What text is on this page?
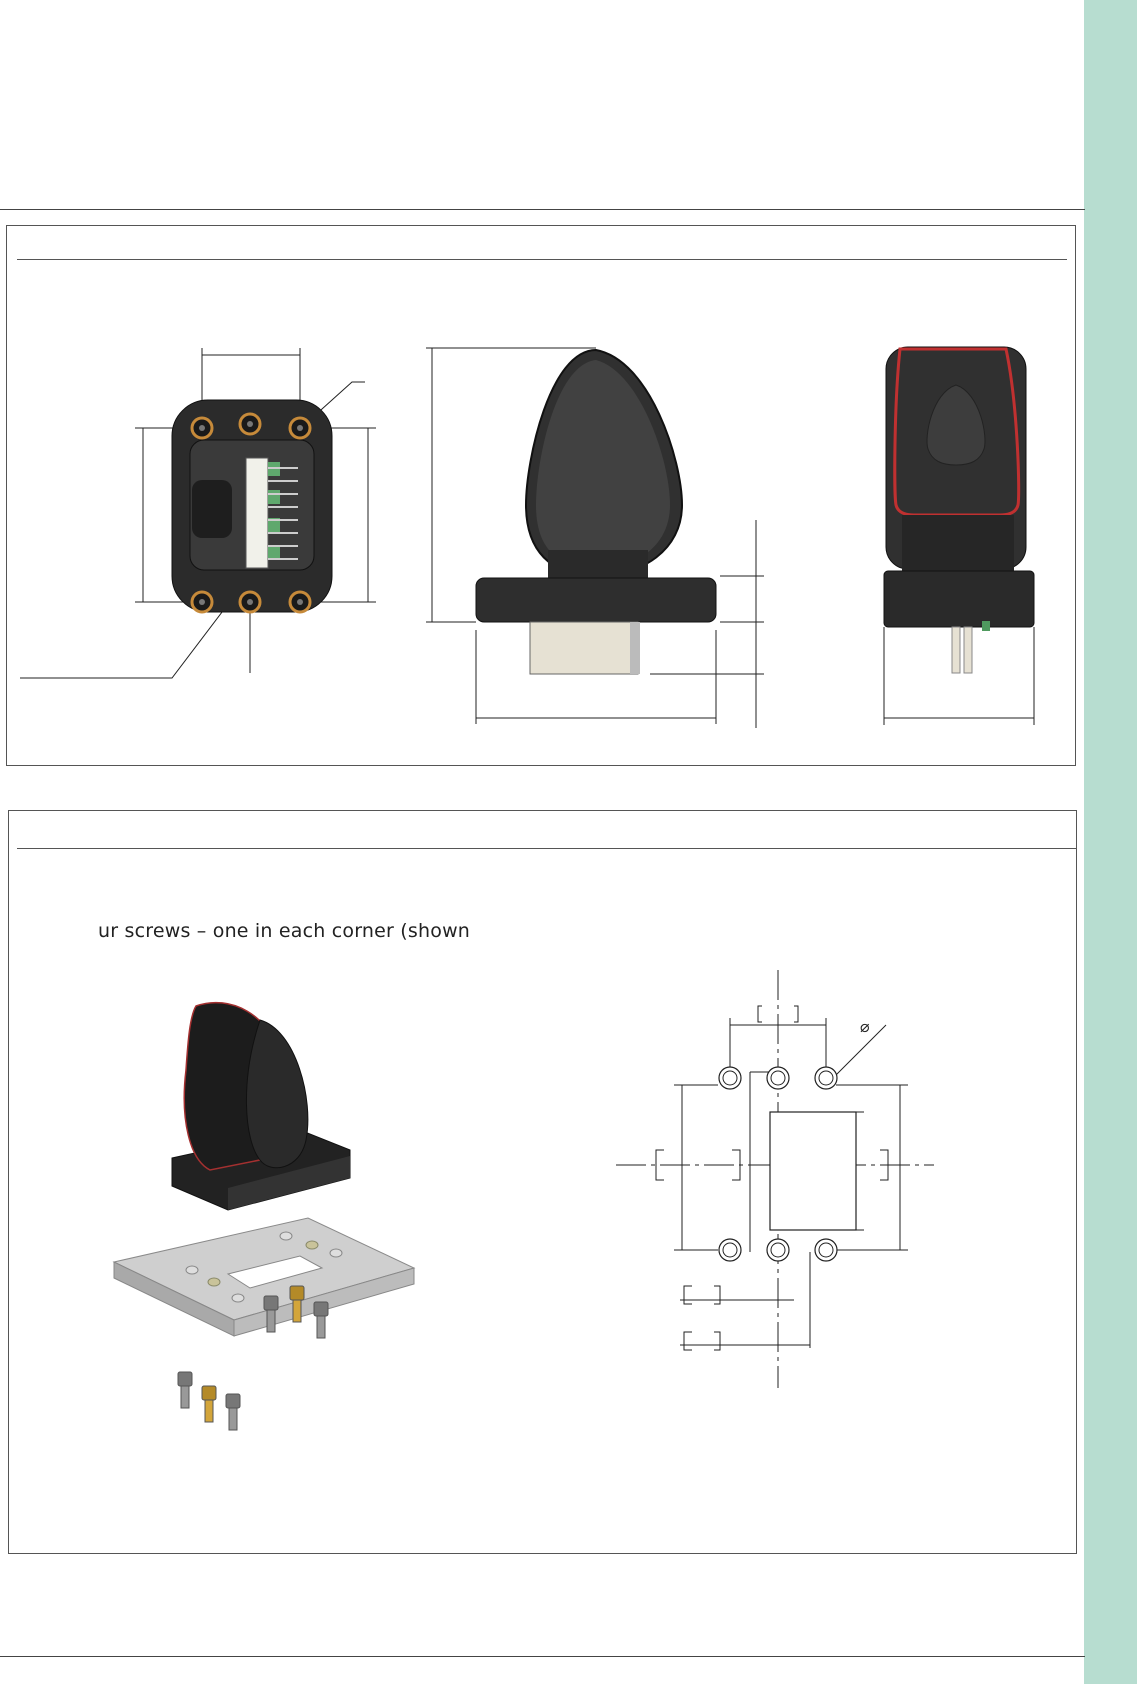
ur screws – one in each corner (shown
⌀
